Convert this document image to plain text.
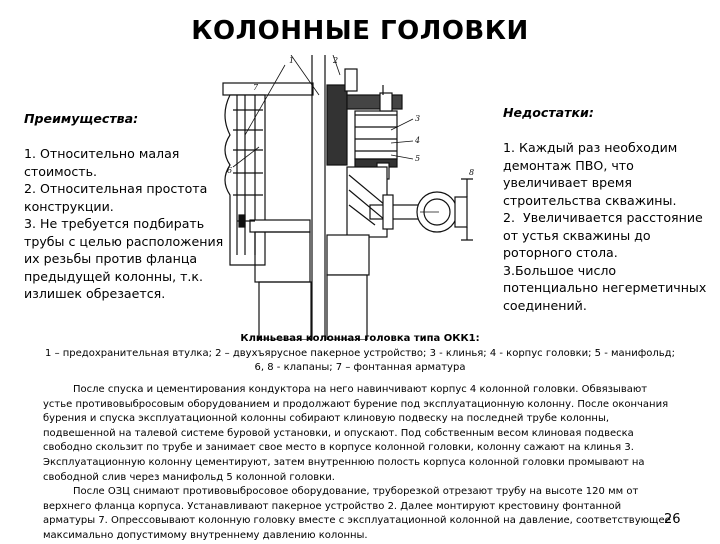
КОЛОННЫЕ ГОЛОВКИ
Преимущества:
1. Относительно малая стоимость.
2. Относительная простота конструкции.
3. Не требуется подбирать трубы с целью расположения их резьбы против фланца предыдущей колонны, т.к. излишек обрезается.
Недостатки:
1. Каждый раз необходим демонтаж ПВО, что увеличивает время строительства скважины.
2.  Увеличивается расстояние от устья скважины до роторного стола.
3.Большое число потенциально негерметичных соединений.
1	2
3
4
5
6
7
8
Клиньевая колонная головка типа ОКК1:
1 – предохранительная втулка; 2 – двухъярусное пакерное устройство; 3 - клинья; 4 - корпус головки; 5 - манифольд; 6, 8 - клапаны; 7 – фонтанная арматура

После спуска и цементирования кондуктора на него навинчивают корпус 4 колонной головки. Обвязывают устье противовыбросовым оборудованием и продолжают бурение под эксплуатационную колонну. После окончания бурения и спуска эксплуатационной колонны собирают клиновую подвеску на последней трубе колонны, подвешенной на талевой системе буровой установки, и опускают. Под собственным весом клиновая подвеска свободно скользит по трубе и занимает свое место в корпусе колонной головки, колонну сажают на клинья 3. Эксплуатационную колонну цементируют, затем внутреннюю полость корпуса колонной головки промывают на свободной слив через манифольд 5 колонной головки.

После ОЗЦ снимают противовыбросовое оборудование, труборезкой отрезают трубу на высоте 120 мм от верхнего фланца корпуса. Устанавливают пакерное устройство 2. Далее монтируют крестовину фонтанной арматуры 7. Опрессовывают колонную головку вместе с эксплуатационной колонной на давление, соответствующее максимально допустимому внутреннему давлению колонны.

26
